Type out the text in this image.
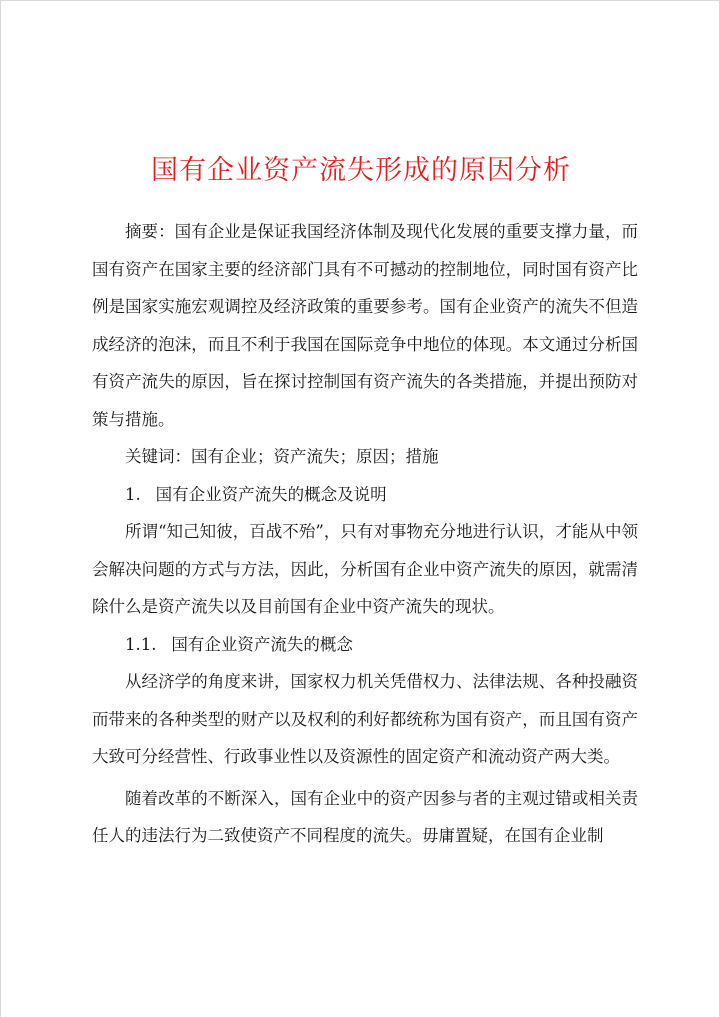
国有企业资产流失形成的原因分析

摘要：国有企业是保证我国经济体制及现代化发展的重要支撑力量，而国有资产在国家主要的经济部门具有不可撼动的控制地位，同时国有资产比例是国家实施宏观调控及经济政策的重要参考。国有企业资产的流失不但造成经济的泡沫，而且不利于我国在国际竞争中地位的体现。本文通过分析国有资产流失的原因，旨在探讨控制国有资产流失的各类措施，并提出预防对策与措施。

关键词：国有企业；资产流失；原因；措施

1. 国有企业资产流失的概念及说明

所谓“知己知彼，百战不殆”，只有对事物充分地进行认识，才能从中领会解决问题的方式与方法，因此，分析国有企业中资产流失的原因，就需清除什么是资产流失以及目前国有企业中资产流失的现状。

1.1. 国有企业资产流失的概念

从经济学的角度来讲，国家权力机关凭借权力、法律法规、各种投融资而带来的各种类型的财产以及权利的利好都统称为国有资产，而且国有资产大致可分经营性、行政事业性以及资源性的固定资产和流动资产两大类。

随着改革的不断深入，国有企业中的资产因参与者的主观过错或相关责任人的违法行为二致使资产不同程度的流失。毋庸置疑，在国有企业制
